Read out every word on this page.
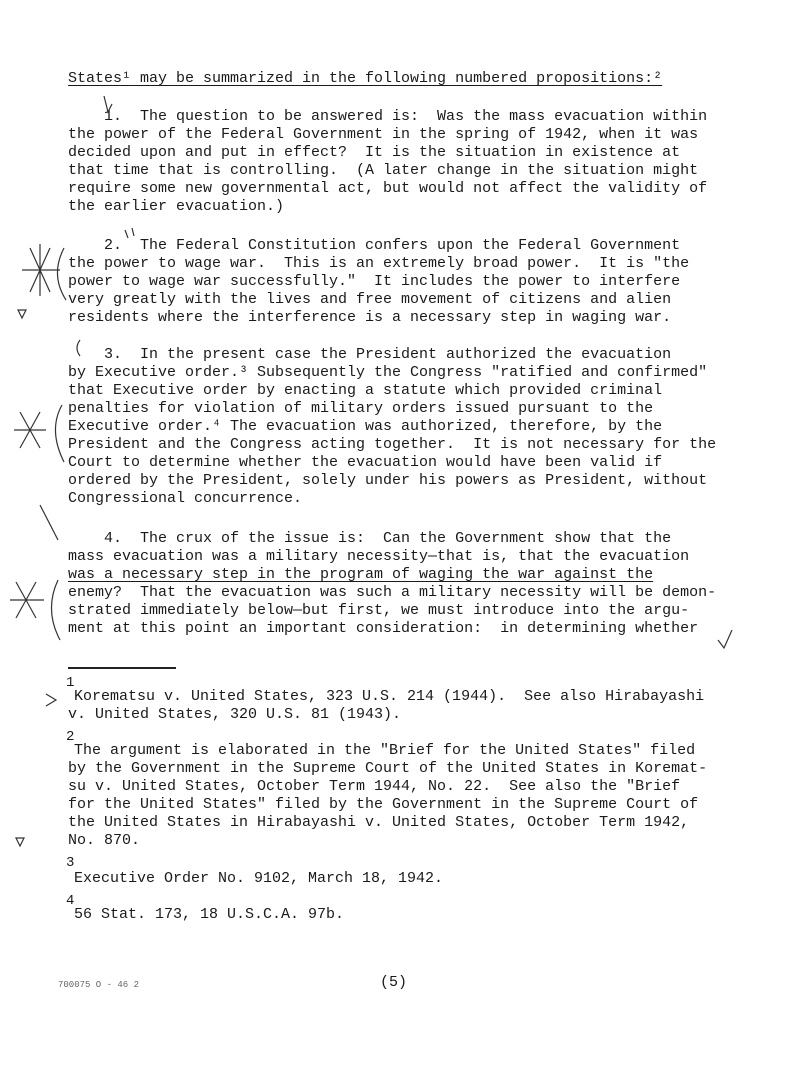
States¹ may be summarized in the following numbered propositions:²
1.  The question to be answered is:  Was the mass evacuation within
the power of the Federal Government in the spring of 1942, when it was
decided upon and put in effect?  It is the situation in existence at
that time that is controlling.  (A later change in the situation might
require some new governmental act, but would not affect the validity of
the earlier evacuation.)
2.  The Federal Constitution confers upon the Federal Government
the power to wage war.  This is an extremely broad power.  It is "the
power to wage war successfully."  It includes the power to interfere
very greatly with the lives and free movement of citizens and alien
residents where the interference is a necessary step in waging war.
3.  In the present case the President authorized the evacuation
by Executive order.³ Subsequently the Congress "ratified and confirmed"
that Executive order by enacting a statute which provided criminal
penalties for violation of military orders issued pursuant to the
Executive order.⁴ The evacuation was authorized, therefore, by the
President and the Congress acting together.  It is not necessary for the
Court to determine whether the evacuation would have been valid if
ordered by the President, solely under his powers as President, without
Congressional concurrence.
4.  The crux of the issue is:  Can the Government show that the
mass evacuation was a military necessity—that is, that the evacuation
was a necessary step in the program of waging the war against the
enemy?  That the evacuation was such a military necessity will be demon-
strated immediately below—but first, we must introduce into the argu-
ment at this point an important consideration:  in determining whether
1
Korematsu v. United States, 323 U.S. 214 (1944).  See also Hirabayashi
v. United States, 320 U.S. 81 (1943).
2
The argument is elaborated in the "Brief for the United States" filed
by the Government in the Supreme Court of the United States in Koremat-
su v. United States, October Term 1944, No. 22.  See also the "Brief
for the United States" filed by the Government in the Supreme Court of
the United States in Hirabayashi v. United States, October Term 1942,
No. 870.
3
Executive Order No. 9102, March 18, 1942.
4
56 Stat. 173, 18 U.S.C.A. 97b.
700075 O - 46 2	(5)
